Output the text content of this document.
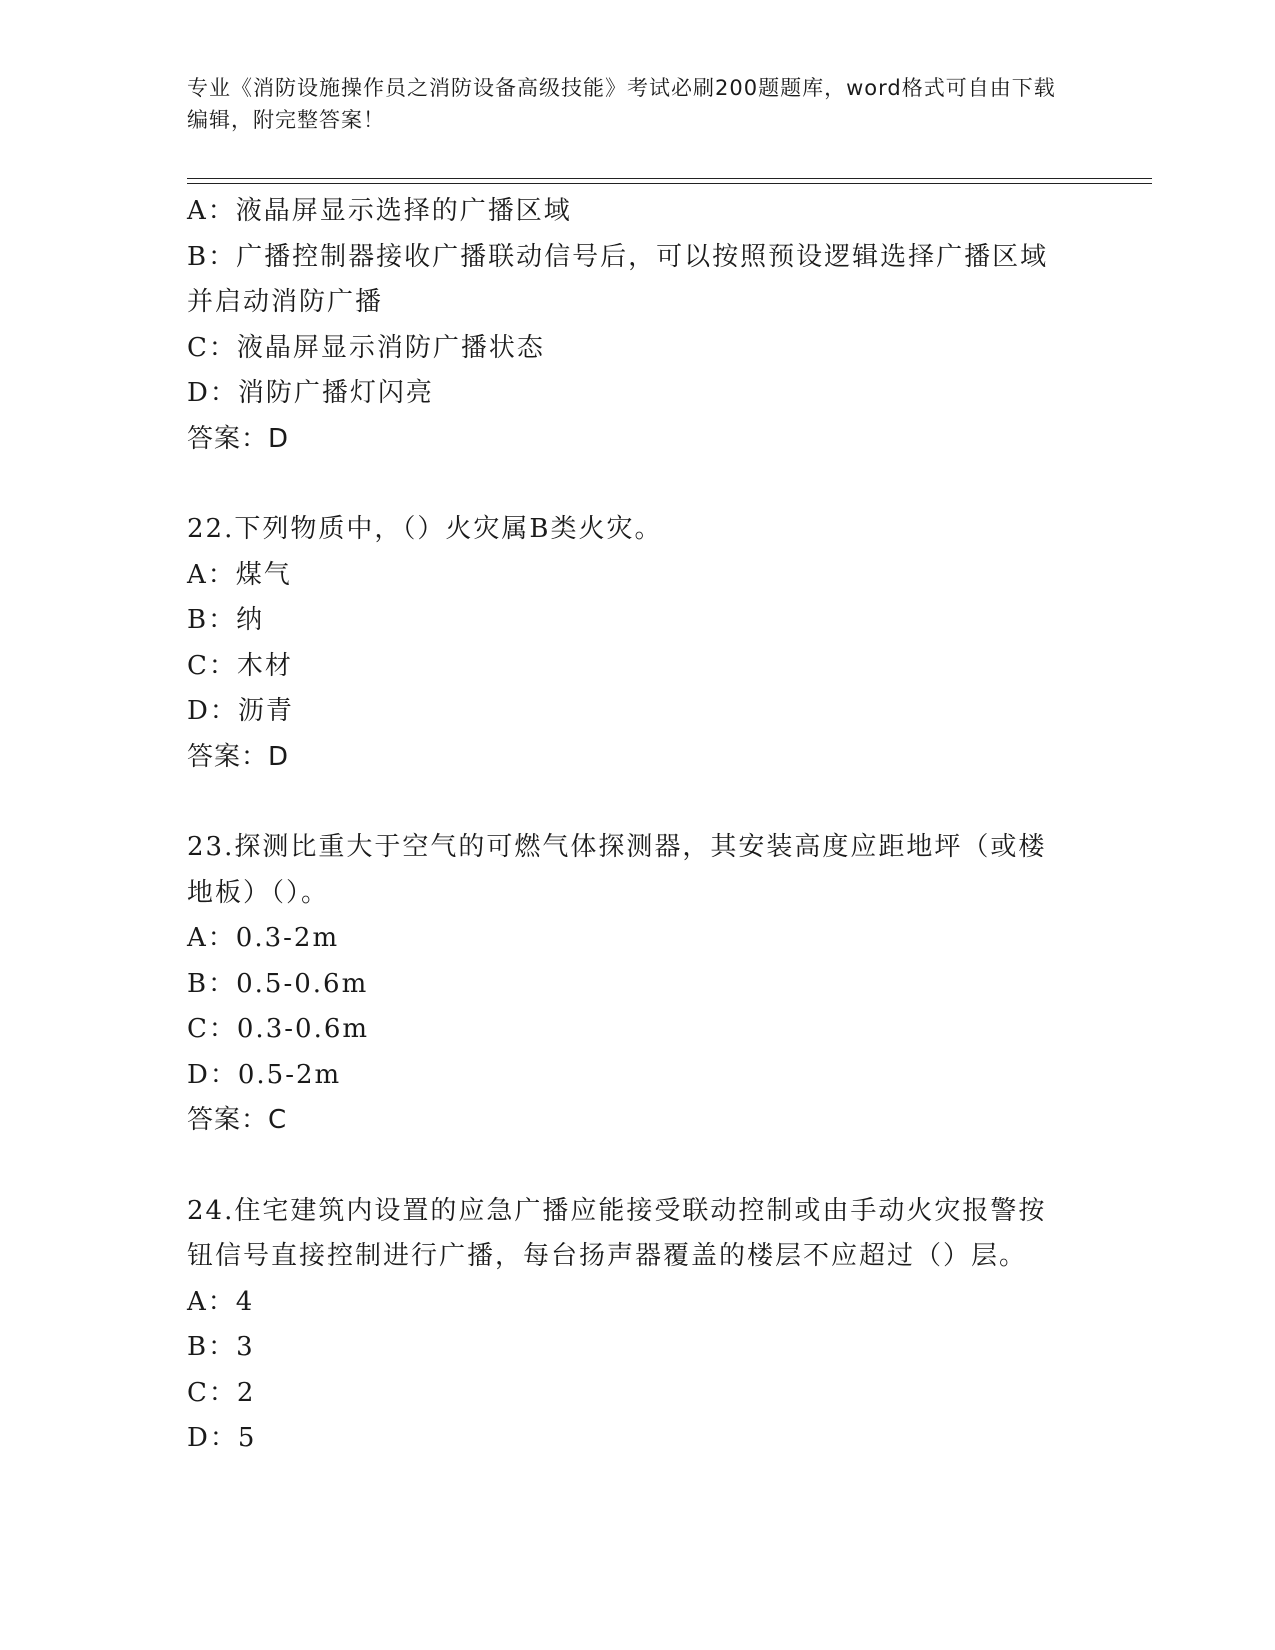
专业《消防设施操作员之消防设备高级技能》考试必刷200题题库，word格式可自由下载编辑，附完整答案！
A：液晶屏显示选择的广播区域
B：广播控制器接收广播联动信号后，可以按照预设逻辑选择广播区域并启动消防广播
C：液晶屏显示消防广播状态
D：消防广播灯闪亮
答案：D
22.下列物质中，（）火灾属B类火灾。
A：煤气
B：纳
C：木材
D：沥青
答案：D
23.探测比重大于空气的可燃气体探测器，其安装高度应距地坪（或楼地板）（）。
A：0.3-2m
B：0.5-0.6m
C：0.3-0.6m
D：0.5-2m
答案：C
24.住宅建筑内设置的应急广播应能接受联动控制或由手动火灾报警按钮信号直接控制进行广播，每台扬声器覆盖的楼层不应超过（）层。
A：4
B：3
C：2
D：5
